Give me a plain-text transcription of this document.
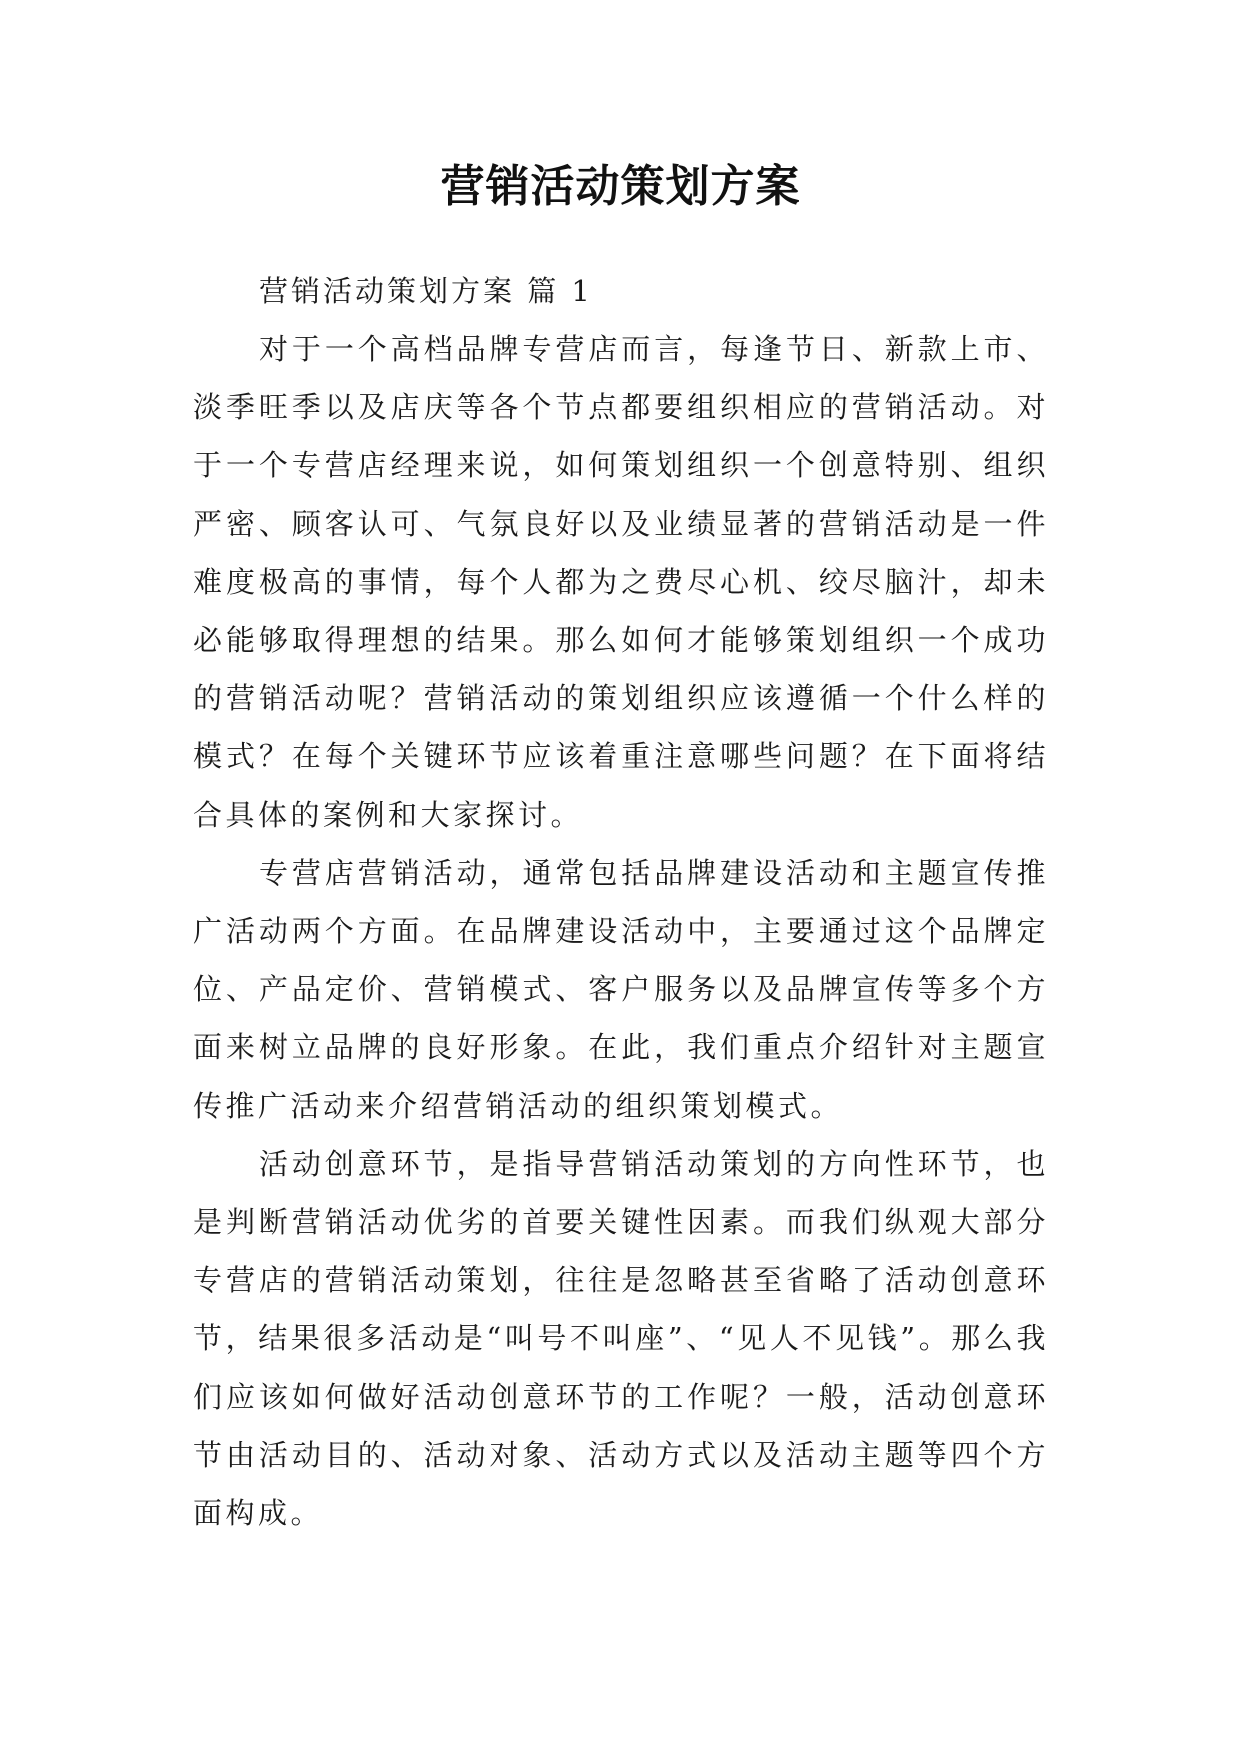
营销活动策划方案

营销活动策划方案 篇 1

对于一个高档品牌专营店而言，每逢节日、新款上市、淡季旺季以及店庆等各个节点都要组织相应的营销活动。对于一个专营店经理来说，如何策划组织一个创意特别、组织严密、顾客认可、气氛良好以及业绩显著的营销活动是一件难度极高的事情，每个人都为之费尽心机、绞尽脑汁，却未必能够取得理想的结果。那么如何才能够策划组织一个成功的营销活动呢？营销活动的策划组织应该遵循一个什么样的模式？在每个关键环节应该着重注意哪些问题？在下面将结合具体的案例和大家探讨。

专营店营销活动，通常包括品牌建设活动和主题宣传推广活动两个方面。在品牌建设活动中，主要通过这个品牌定位、产品定价、营销模式、客户服务以及品牌宣传等多个方面来树立品牌的良好形象。在此，我们重点介绍针对主题宣传推广活动来介绍营销活动的组织策划模式。

活动创意环节，是指导营销活动策划的方向性环节，也是判断营销活动优劣的首要关键性因素。而我们纵观大部分专营店的营销活动策划，往往是忽略甚至省略了活动创意环节，结果很多活动是“叫号不叫座”、“见人不见钱”。那么我们应该如何做好活动创意环节的工作呢？一般，活动创意环节由活动目的、活动对象、活动方式以及活动主题等四个方面构成。
